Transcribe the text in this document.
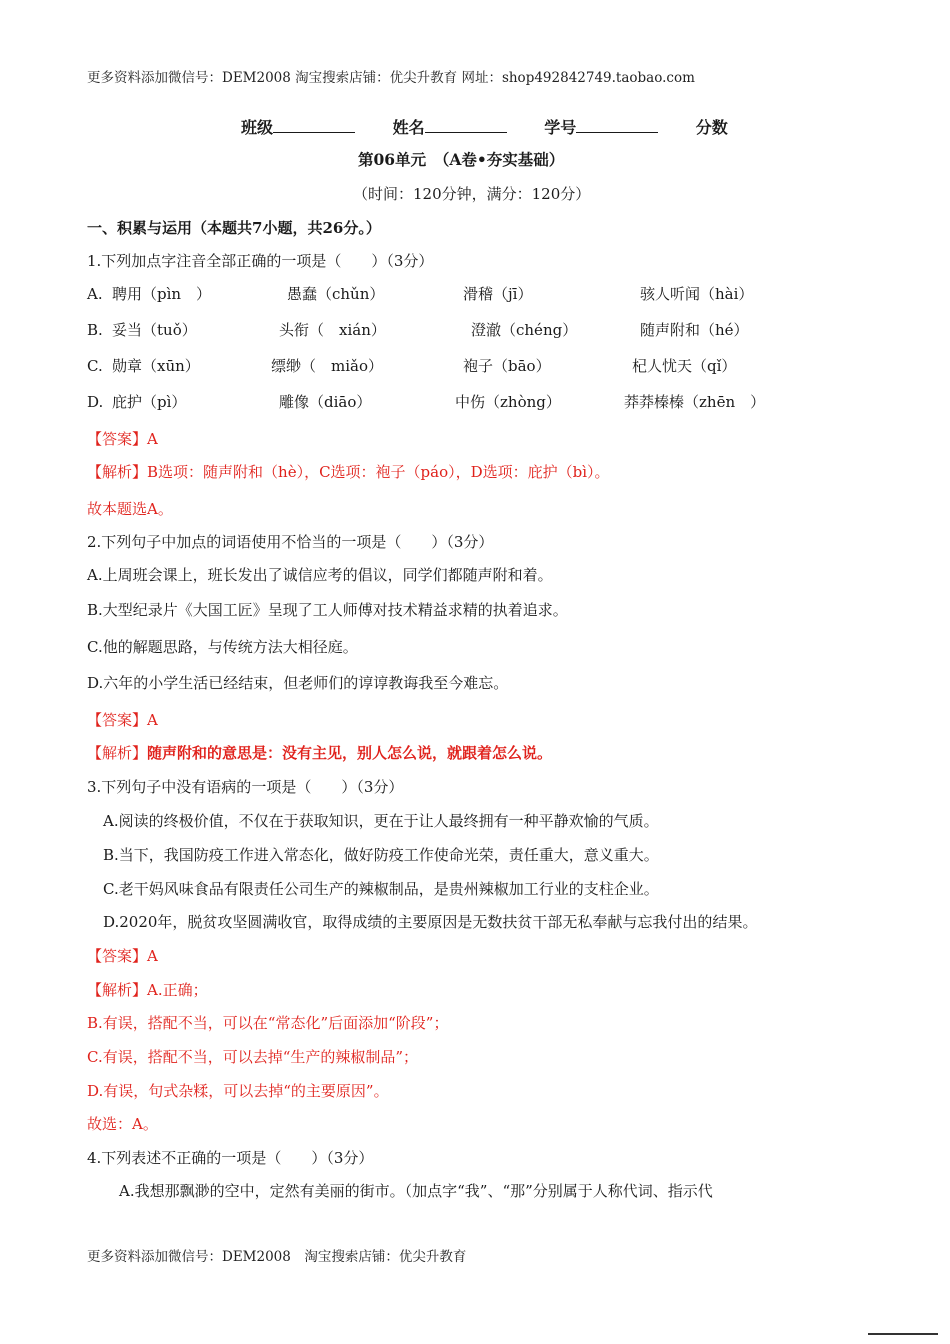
更多资料添加微信号：DEM2008 淘宝搜索店铺：优尖升教育 网址：shop492842749.taobao.com
班级	姓名	学号	分数
第06单元　（A卷•夯实基础）
（时间：120分钟，满分：120分）
一、积累与运用（本题共7小题，共26分。）
1.下列加点字注音全部正确的一项是（　　）（3分）
A. 聘用（pìn　）	愚蠢（chǔn）	滑稽（jī）	骇人听闻（hài）
B. 妥当（tuǒ）	头衔（　xián）	澄澈（chéng）	随声附和（hé）
C. 勋章（xūn）	缥缈（　miǎo）	袍子（bāo）	杞人忧天（qǐ）
D. 庇护（pì）	雕像（diāo）	中伤（zhòng）	莽莽榛榛（zhēn　）
【答案】A
【解析】B选项：随声附和（hè），C选项：袍子（páo），D选项：庇护（bì）。
故本题选A。
2.下列句子中加点的词语使用不恰当的一项是（　　）（3分）
A.上周班会课上，班长发出了诚信应考的倡议，同学们都随声附和着。
B.大型纪录片《大国工匠》呈现了工人师傅对技术精益求精的执着追求。
C.他的解题思路，与传统方法大相径庭。
D.六年的小学生活已经结束，但老师们的谆谆教诲我至今难忘。
【答案】A
【解析】随声附和的意思是：没有主见，别人怎么说，就跟着怎么说。
3.下列句子中没有语病的一项是（　　）（3分）
A.阅读的终极价值，不仅在于获取知识，更在于让人最终拥有一种平静欢愉的气质。
B.当下，我国防疫工作进入常态化，做好防疫工作使命光荣，责任重大，意义重大。
C.老干妈风味食品有限责任公司生产的辣椒制品，是贵州辣椒加工行业的支柱企业。
D.2020年，脱贫攻坚圆满收官，取得成绩的主要原因是无数扶贫干部无私奉献与忘我付出的结果。
【答案】A
【解析】A.正确；
B.有误，搭配不当，可以在“常态化”后面添加“阶段”；
C.有误，搭配不当，可以去掉“生产的辣椒制品”；
D.有误，句式杂糅，可以去掉“的主要原因”。
故选：A。
4.下列表述不正确的一项是（　　）（3分）
A.我想那飘渺的空中，定然有美丽的街市。（加点字“我”、“那”分别属于人称代词、指示代
更多资料添加微信号：DEM2008　淘宝搜索店铺：优尖升教育
